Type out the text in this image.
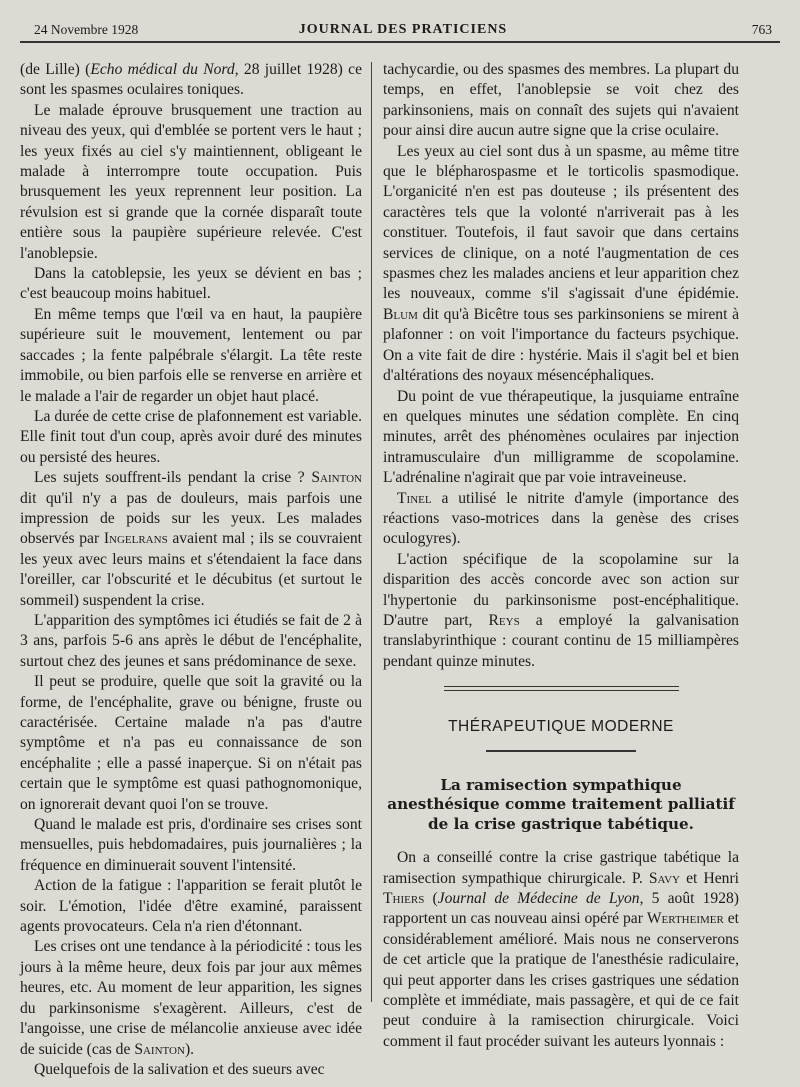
24 Novembre 1928	JOURNAL DES PRATICIENS	763

(de Lille) (Echo médical du Nord, 28 juillet 1928) ce sont les spasmes oculaires toniques.

Le malade éprouve brusquement une traction au niveau des yeux, qui d'emblée se portent vers le haut ; les yeux fixés au ciel s'y maintiennent, obligeant le malade à interrompre toute occupation. Puis brusquement les yeux reprennent leur position. La révulsion est si grande que la cornée disparaît toute entière sous la paupière supérieure relevée. C'est l'anoblepsie.

Dans la catoblepsie, les yeux se dévient en bas ; c'est beaucoup moins habituel.

En même temps que l'œil va en haut, la paupière supérieure suit le mouvement, lentement ou par saccades ; la fente palpébrale s'élargit. La tête reste immobile, ou bien parfois elle se renverse en arrière et le malade a l'air de regarder un objet haut placé.

La durée de cette crise de plafonnement est variable. Elle finit tout d'un coup, après avoir duré des minutes ou persisté des heures.

Les sujets souffrent-ils pendant la crise ? Sainton dit qu'il n'y a pas de douleurs, mais parfois une impression de poids sur les yeux. Les malades observés par Ingelrans avaient mal ; ils se couvraient les yeux avec leurs mains et s'étendaient la face dans l'oreiller, car l'obscurité et le décubitus (et surtout le sommeil) suspendent la crise.

L'apparition des symptômes ici étudiés se fait de 2 à 3 ans, parfois 5-6 ans après le début de l'encéphalite, surtout chez des jeunes et sans prédominance de sexe.

Il peut se produire, quelle que soit la gravité ou la forme, de l'encéphalite, grave ou bénigne, fruste ou caractérisée. Certaine malade n'a pas d'autre symptôme et n'a pas eu connaissance de son encéphalite ; elle a passé inaperçue. Si on n'était pas certain que le symptôme est quasi pathognomonique, on ignorerait devant quoi l'on se trouve.

Quand le malade est pris, d'ordinaire ses crises sont mensuelles, puis hebdomadaires, puis journalières ; la fréquence en diminuerait souvent l'intensité.

Action de la fatigue : l'apparition se ferait plutôt le soir. L'émotion, l'idée d'être examiné, paraissent agents provocateurs. Cela n'a rien d'étonnant.

Les crises ont une tendance à la périodicité : tous les jours à la même heure, deux fois par jour aux mêmes heures, etc. Au moment de leur apparition, les signes du parkinsonisme s'exagèrent. Ailleurs, c'est de l'angoisse, une crise de mélancolie anxieuse avec idée de suicide (cas de Sainton).

Quelquefois de la salivation et des sueurs avec

tachycardie, ou des spasmes des membres. La plupart du temps, en effet, l'anoblepsie se voit chez des parkinsoniens, mais on connaît des sujets qui n'avaient pour ainsi dire aucun autre signe que la crise oculaire.

Les yeux au ciel sont dus à un spasme, au même titre que le blépharospasme et le torticolis spasmodique. L'organicité n'en est pas douteuse ; ils présentent des caractères tels que la volonté n'arriverait pas à les constituer. Toutefois, il faut savoir que dans certains services de clinique, on a noté l'augmentation de ces spasmes chez les malades anciens et leur apparition chez les nouveaux, comme s'il s'agissait d'une épidémie. Blum dit qu'à Bicêtre tous ses parkinsoniens se mirent à plafonner : on voit l'importance du facteurs psychique. On a vite fait de dire : hystérie. Mais il s'agit bel et bien d'altérations des noyaux mésencéphaliques.

Du point de vue thérapeutique, la jusquiame entraîne en quelques minutes une sédation complète. En cinq minutes, arrêt des phénomènes oculaires par injection intramusculaire d'un milligramme de scopolamine. L'adrénaline n'agirait que par voie intraveineuse.

Tinel a utilisé le nitrite d'amyle (importance des réactions vaso-motrices dans la genèse des crises oculogyres).

L'action spécifique de la scopolamine sur la disparition des accès concorde avec son action sur l'hypertonie du parkinsonisme post-encéphalitique. D'autre part, Reys a employé la galvanisation translabyrinthique : courant continu de 15 milliampères pendant quinze minutes.

THÉRAPEUTIQUE MODERNE
La ramisection sympathique anesthésique comme traitement palliatif de la crise gastrique tabétique.

On a conseillé contre la crise gastrique tabétique la ramisection sympathique chirurgicale. P. Savy et Henri Thiers (Journal de Médecine de Lyon, 5 août 1928) rapportent un cas nouveau ainsi opéré par Wertheimer et considérablement amélioré. Mais nous ne conserverons de cet article que la pratique de l'anesthésie radiculaire, qui peut apporter dans les crises gastriques une sédation complète et immédiate, mais passagère, et qui de ce fait peut conduire à la ramisection chirurgicale. Voici comment il faut procéder suivant les auteurs lyonnais :
